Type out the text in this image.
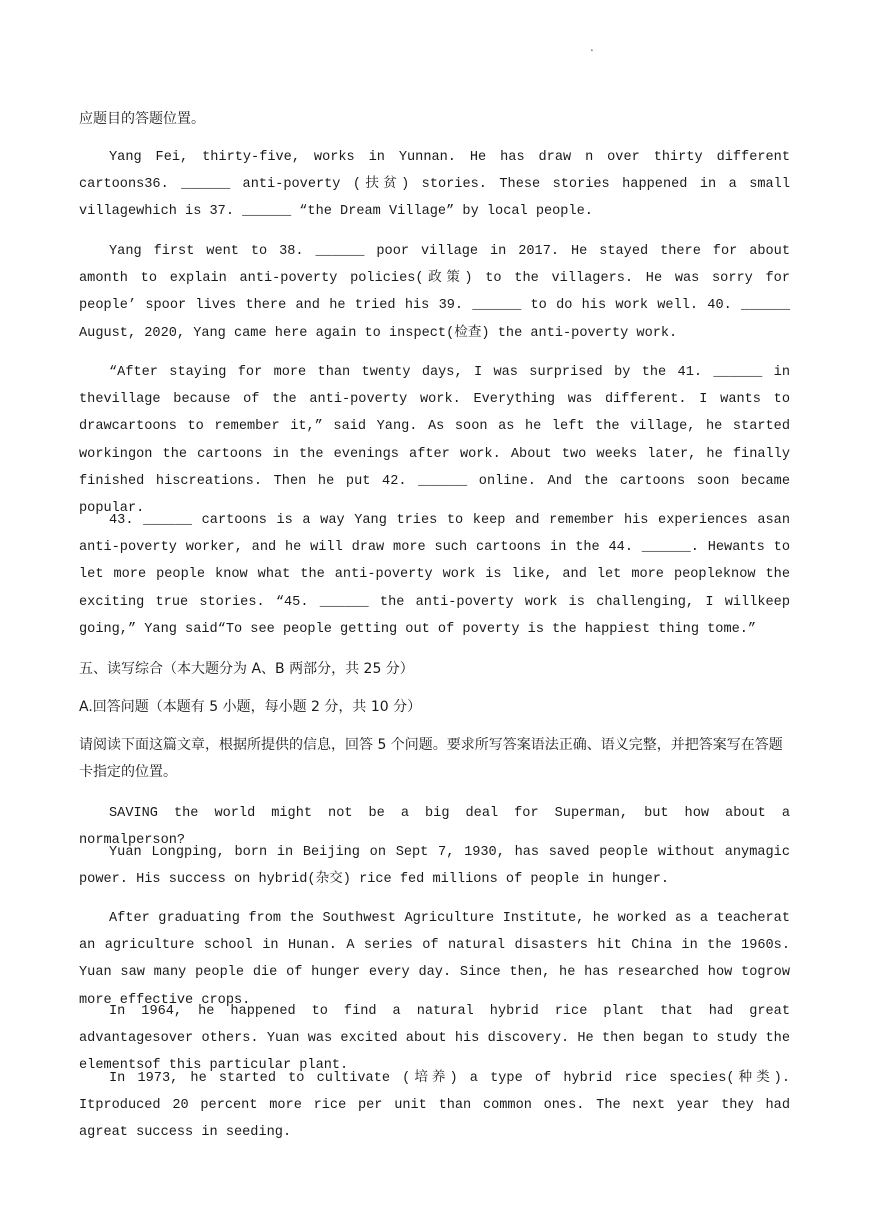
.

应题目的答题位置。

Yang Fei, thirty-five, works in Yunnan. He has draw n over thirty different cartoons36. ______ anti-poverty (扶贫) stories. These stories happened in a small villagewhich is 37. ______ “the Dream Village” by local people.

Yang first went to 38. ______ poor village in 2017. He stayed there for about amonth to explain anti-poverty policies(政策) to the villagers. He was sorry for people’ spoor lives there and he tried his 39. ______ to do his work well. 40. ______ August, 2020, Yang came here again to inspect(检查) the anti-poverty work.

“After staying for more than twenty days, I was surprised by the 41. ______ in thevillage because of the anti-poverty work. Everything was different. I wants to drawcartoons to remember it,” said Yang. As soon as he left the village, he started workingon the cartoons in the evenings after work. About two weeks later, he finally finished hiscreations. Then he put 42. ______ online. And the cartoons soon became popular.

43. ______ cartoons is a way Yang tries to keep and remember his experiences asan anti-poverty worker, and he will draw more such cartoons in the 44. ______. Hewants to let more people know what the anti-poverty work is like, and let more peopleknow the exciting true stories. “45. ______ the anti-poverty work is challenging, I willkeep going,” Yang said“To see people getting out of poverty is the happiest thing tome.”

五、读写综合（本大题分为 A、B 两部分，共 25 分）

A.回答问题（本题有 5 小题，每小题 2 分，共 10 分）

请阅读下面这篇文章，根据所提供的信息，回答 5 个问题。要求所写答案语法正确、语义完整，并把答案写在答题卡指定的位置。

SAVING the world might not be a big deal for Superman, but how about a normalperson?

Yuan Longping, born in Beijing on Sept 7, 1930, has saved people without anymagic power. His success on hybrid(杂交) rice fed millions of people in hunger.

After graduating from the Southwest Agriculture Institute, he worked as a teacherat an agriculture school in Hunan. A series of natural disasters hit China in the 1960s. Yuan saw many people die of hunger every day. Since then, he has researched how togrow more effective crops.

In 1964, he happened to find a natural hybrid rice plant that had great advantagesover others. Yuan was excited about his discovery. He then began to study the elementsof this particular plant.

In 1973, he started to cultivate (培养) a type of hybrid rice species(种类). Itproduced 20 percent more rice per unit than common ones. The next year they had agreat success in seeding.
